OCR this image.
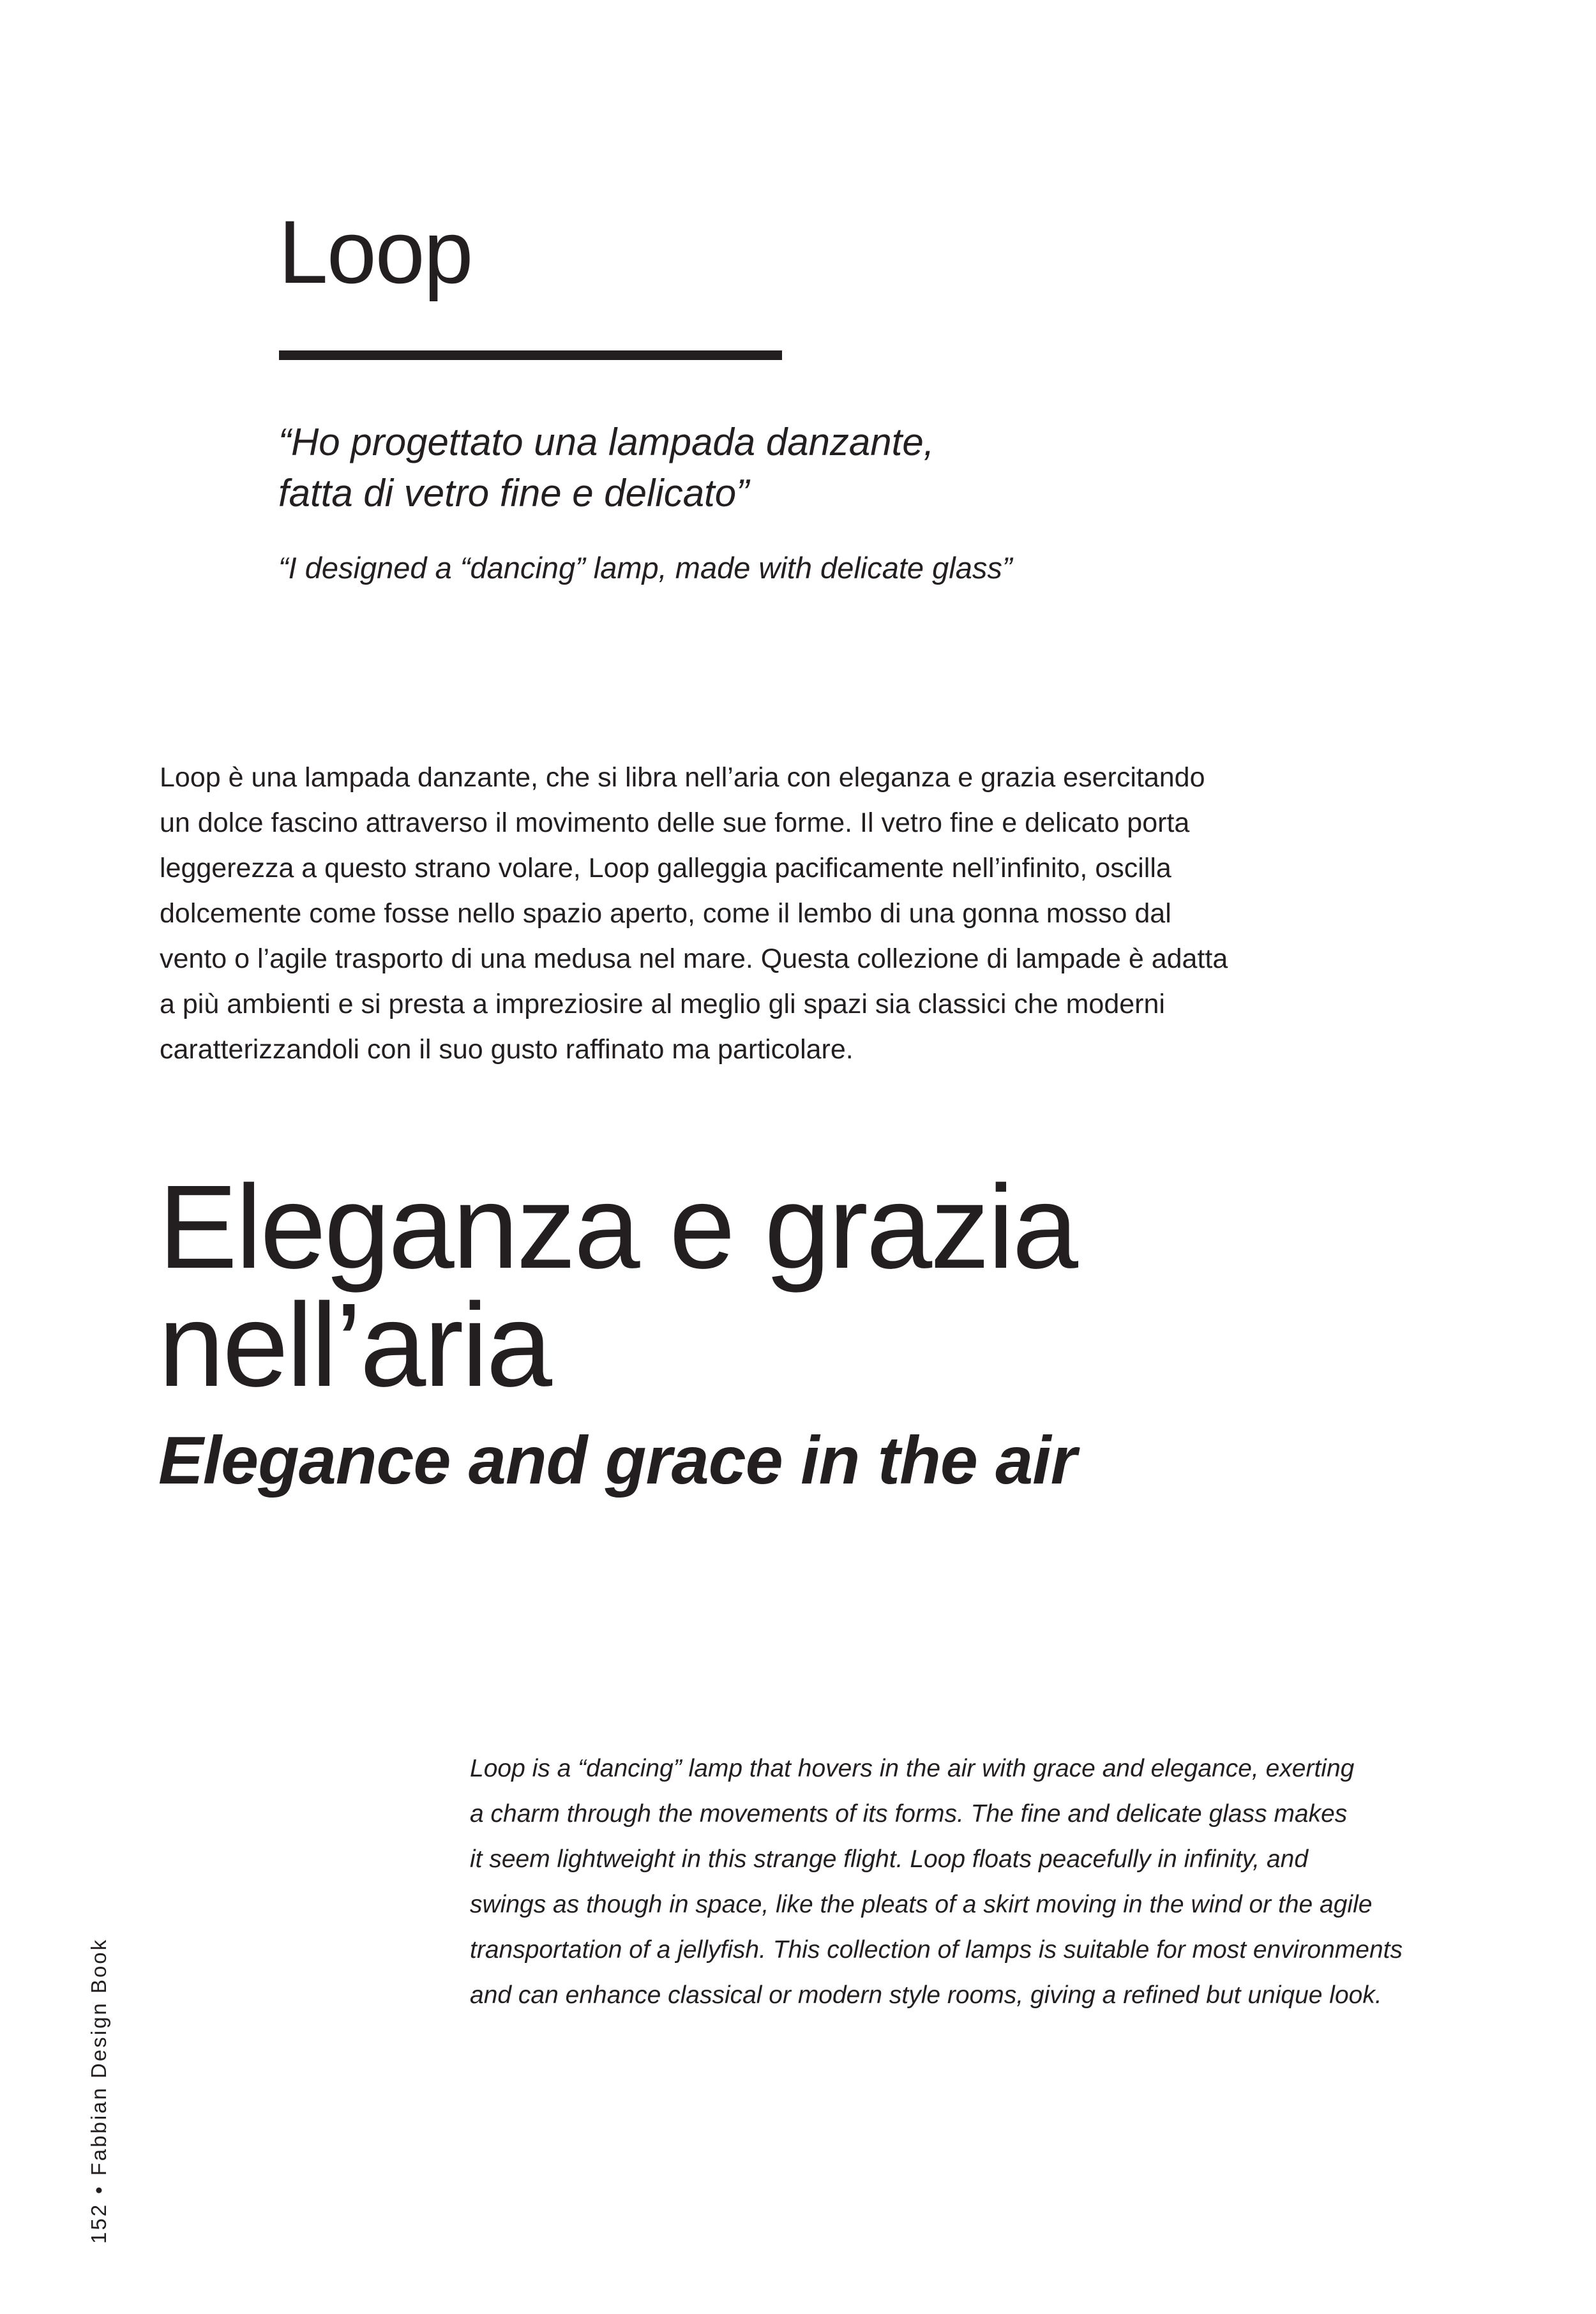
Loop

“Ho progettato una lampada danzante,
fatta di vetro fine e delicato”

“I designed a “dancing” lamp, made with delicate glass”

Loop è una lampada danzante, che si libra nell’aria con eleganza e grazia esercitando
un dolce fascino attraverso il movimento delle sue forme. Il vetro fine e delicato porta
leggerezza a questo strano volare, Loop galleggia pacificamente nell’infinito, oscilla
dolcemente come fosse nello spazio aperto, come il lembo di una gonna mosso dal
vento o l’agile trasporto di una medusa nel mare. Questa collezione di lampade è adatta
a più ambienti e si presta a impreziosire al meglio gli spazi sia classici che moderni
caratterizzandoli con il suo gusto raffinato ma particolare.

Eleganza e grazia
nell’aria
Elegance and grace in the air

Loop is a “dancing” lamp that hovers in the air with grace and elegance, exerting
a charm through the movements of its forms. The fine and delicate glass makes
it seem lightweight in this strange flight. Loop floats peacefully in infinity, and
swings as though in space, like the pleats of a skirt moving in the wind or the agile
transportation of a jellyfish. This collection of lamps is suitable for most environments
and can enhance classical or modern style rooms, giving a refined but unique look.

152•Fabbian Design Book
